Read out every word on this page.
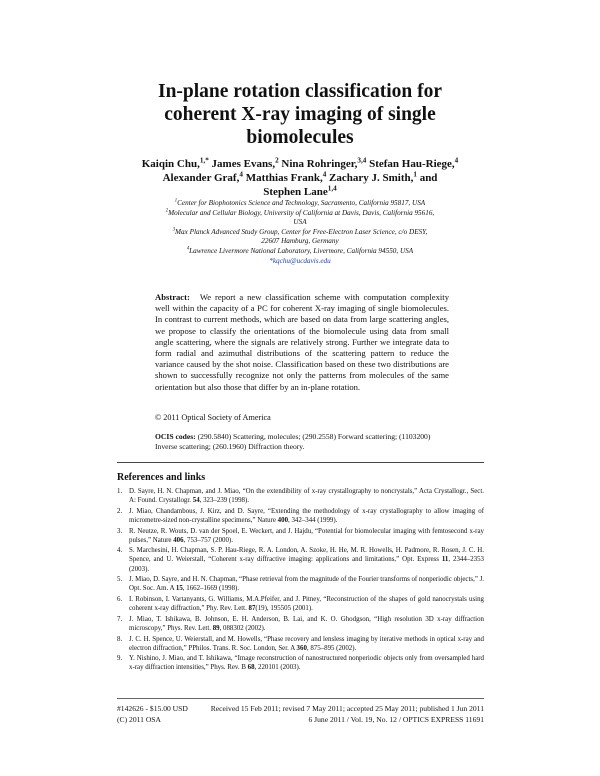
In-plane rotation classification for
coherent X-ray imaging of single
biomolecules
Kaiqin Chu,$^{1,*}$ James Evans,$^2$ Nina Rohringer,$^{3,4}$ Stefan Hau-Riege,$^4$
Alexander Graf,$^4$ Matthias Frank,$^4$ Zachary J. Smith,$^1$ and
Stephen Lane$^{1,4}$
$^1$Center for Biophotonics Science and Technology, Sacramento, California 95817, USA
$^2$Molecular and Cellular Biology, University of California at Davis, Davis, California 95616,
USA
$^3$Max Planck Advanced Study Group, Center for Free-Electron Laser Science, c/o DESY,
22607 Hamburg, Germany
$^4$Lawrence Livermore National Laboratory, Livermore, California 94550, USA
*kqchu@ucdavis.edu
Abstract: We report a new classification scheme with computation complexity well within the capacity of a PC for coherent X-ray imaging of single biomolecules. In contrast to current methods, which are based on data from large scattering angles, we propose to classify the orientations of the biomolecule using data from small angle scattering, where the signals are relatively strong. Further we integrate data to form radial and azimuthal distributions of the scattering pattern to reduce the variance caused by the shot noise. Classification based on these two distributions are shown to successfully recognize not only the patterns from molecules of the same orientation but also those that differ by an in-plane rotation.
© 2011 Optical Society of America
OCIS codes: (290.5840) Scattering, molecules; (290.2558) Forward scattering; (1103200) Inverse scattering; (260.1960) Diffraction theory.
References and links
1. D. Sayre, H. N. Chapman, and J. Miao, “On the extendibility of x-ray crystallography to noncrystals,” Acta Crystallogr., Sect. A: Found. Crystallogr. 54, 323–239 (1998).
2. J. Miao, Chandambous, J. Kirz, and D. Sayre, “Extending the methodology of x-ray crystallography to allow imaging of micrometre-sized non-crystalline specimens,” Nature 400, 342–344 (1999).
3. R. Neutze, R. Wouts, D. van der Spoel, E. Weckert, and J. Hajdu, “Potential for biomolecular imaging with femtosecond x-ray pulses,” Nature 406, 753–757 (2000).
4. S. Marchesini, H. Chapman, S. P. Hau-Riege, R. A. London, A. Szoke, H. He, M. R. Howells, H. Padmore, R. Rosen, J. C. H. Spence, and U. Weierstall, “Coherent x-ray diffractive imaging: applications and limitations,” Opt. Express 11, 2344–2353 (2003).
5. J. Miao, D. Sayre, and H. N. Chapman, “Phase retrieval from the magnitude of the Fourier transforms of nonperiodic objects,” J. Opt. Soc. Am. A 15, 1662–1669 (1998).
6. I. Robinson, I. Vartanyants, G. Williams, M.A.Pfeifer, and J. Pitney, “Reconstruction of the shapes of gold nanocrystals using coherent x-ray diffraction,” Phy. Rev. Lett. 87(19), 195505 (2001).
7. J. Miao, T. Ishikawa, B. Johnson, E. H. Anderson, B. Lai, and K. O. Ghodgson, “High resolution 3D x-ray diffraction microscopy,” Phys. Rev. Lett. 89, 088302 (2002).
8. J. C. H. Spence, U. Weierstall, and M. Howells, “Phase recovery and lensless imaging by iterative methods in optical x-ray and electron diffraction,” PPhilos. Trans. R. Soc. London, Ser. A 360, 875–895 (2002).
9. Y. Nishino, J. Miao, and T. Ishikawa, “Image reconstruction of nanostructured nonperiodic objects only from oversampled hard x-ray diffraction intensities,” Phys. Rev. B 68, 220101 (2003).
#142626 - $15.00 USD	Received 15 Feb 2011; revised 7 May 2011; accepted 25 May 2011; published 1 Jun 2011
(C) 2011 OSA	6 June 2011 / Vol. 19, No. 12 / OPTICS EXPRESS 11691
